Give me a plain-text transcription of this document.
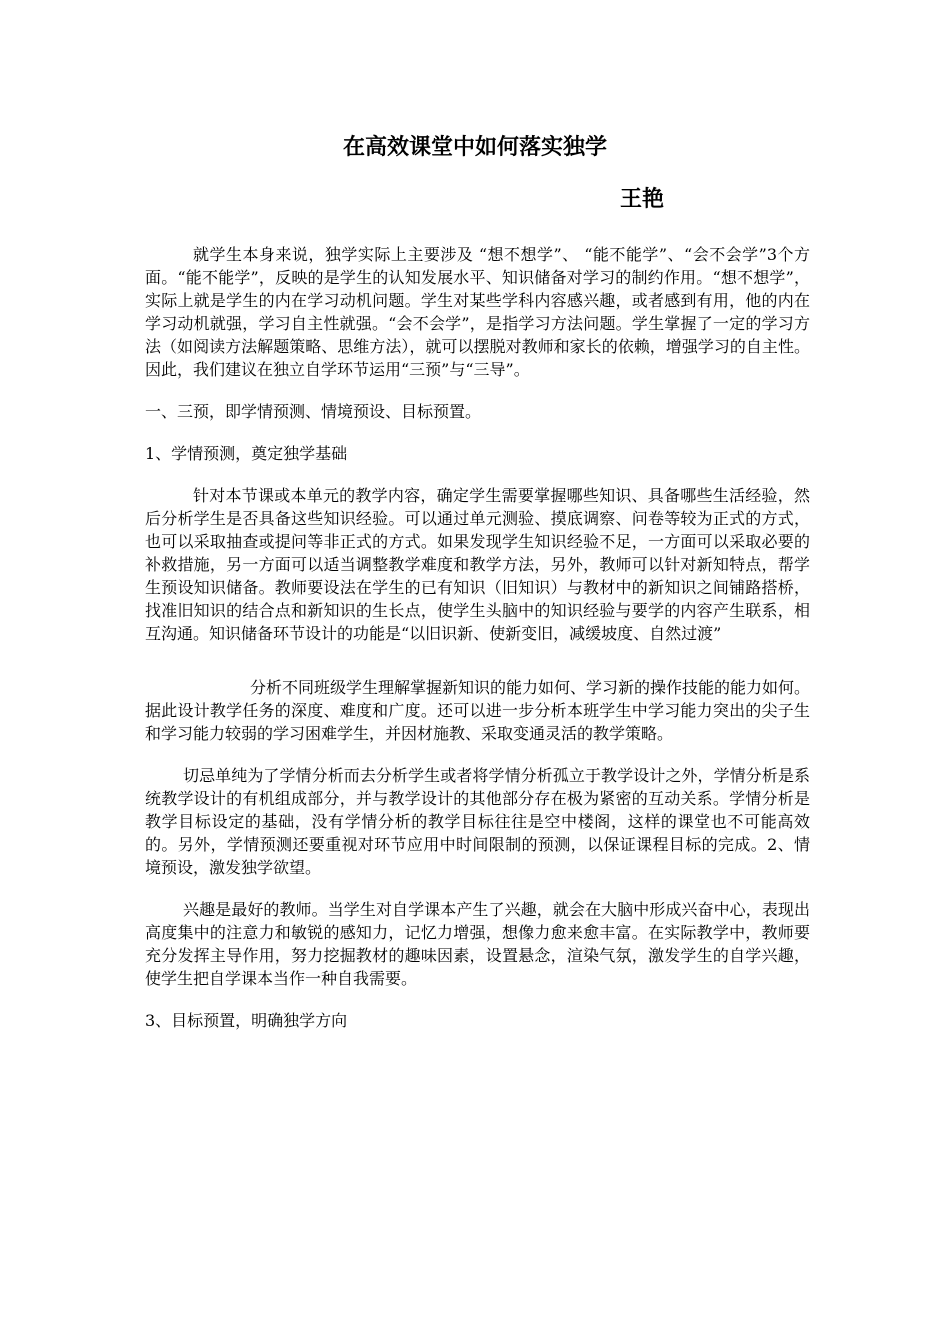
在高效课堂中如何落实独学
王艳

就学生本身来说，独学实际上主要涉及 “想不想学”、 “能不能学”、“会不会学”3个方面。“能不能学”，反映的是学生的认知发展水平、知识储备对学习的制约作用。“想不想学”，实际上就是学生的内在学习动机问题。学生对某些学科内容感兴趣，或者感到有用，他的内在学习动机就强，学习自主性就强。“会不会学”，是指学习方法问题。学生掌握了一定的学习方法（如阅读方法解题策略、思维方法），就可以摆脱对教师和家长的依赖，增强学习的自主性。因此，我们建议在独立自学环节运用“三预”与“三导”。

一、三预，即学情预测、情境预设、目标预置。

1、学情预测，奠定独学基础

针对本节课或本单元的教学内容，确定学生需要掌握哪些知识、具备哪些生活经验，然后分析学生是否具备这些知识经验。可以通过单元测验、摸底调察、问卷等较为正式的方式，也可以采取抽查或提问等非正式的方式。如果发现学生知识经验不足，一方面可以采取必要的补救措施，另一方面可以适当调整教学难度和教学方法，另外，教师可以针对新知特点，帮学生预设知识储备。教师要设法在学生的已有知识（旧知识）与教材中的新知识之间铺路搭桥，找准旧知识的结合点和新知识的生长点，使学生头脑中的知识经验与要学的内容产生联系，相互沟通。知识储备环节设计的功能是“以旧识新、使新变旧，减缓坡度、自然过渡”

分析不同班级学生理解掌握新知识的能力如何、学习新的操作技能的能力如何。据此设计教学任务的深度、难度和广度。还可以进一步分析本班学生中学习能力突出的尖子生和学习能力较弱的学习困难学生，并因材施教、采取变通灵活的教学策略。

切忌单纯为了学情分析而去分析学生或者将学情分析孤立于教学设计之外，学情分析是系统教学设计的有机组成部分，并与教学设计的其他部分存在极为紧密的互动关系。学情分析是教学目标设定的基础，没有学情分析的教学目标往往是空中楼阁，这样的课堂也不可能高效的。另外，学情预测还要重视对环节应用中时间限制的预测，以保证课程目标的完成。2、情境预设，激发独学欲望。

兴趣是最好的教师。当学生对自学课本产生了兴趣，就会在大脑中形成兴奋中心，表现出高度集中的注意力和敏锐的感知力，记忆力增强，想像力愈来愈丰富。在实际教学中，教师要充分发挥主导作用，努力挖掘教材的趣味因素，设置悬念，渲染气氛，激发学生的自学兴趣，使学生把自学课本当作一种自我需要。

3、目标预置，明确独学方向
